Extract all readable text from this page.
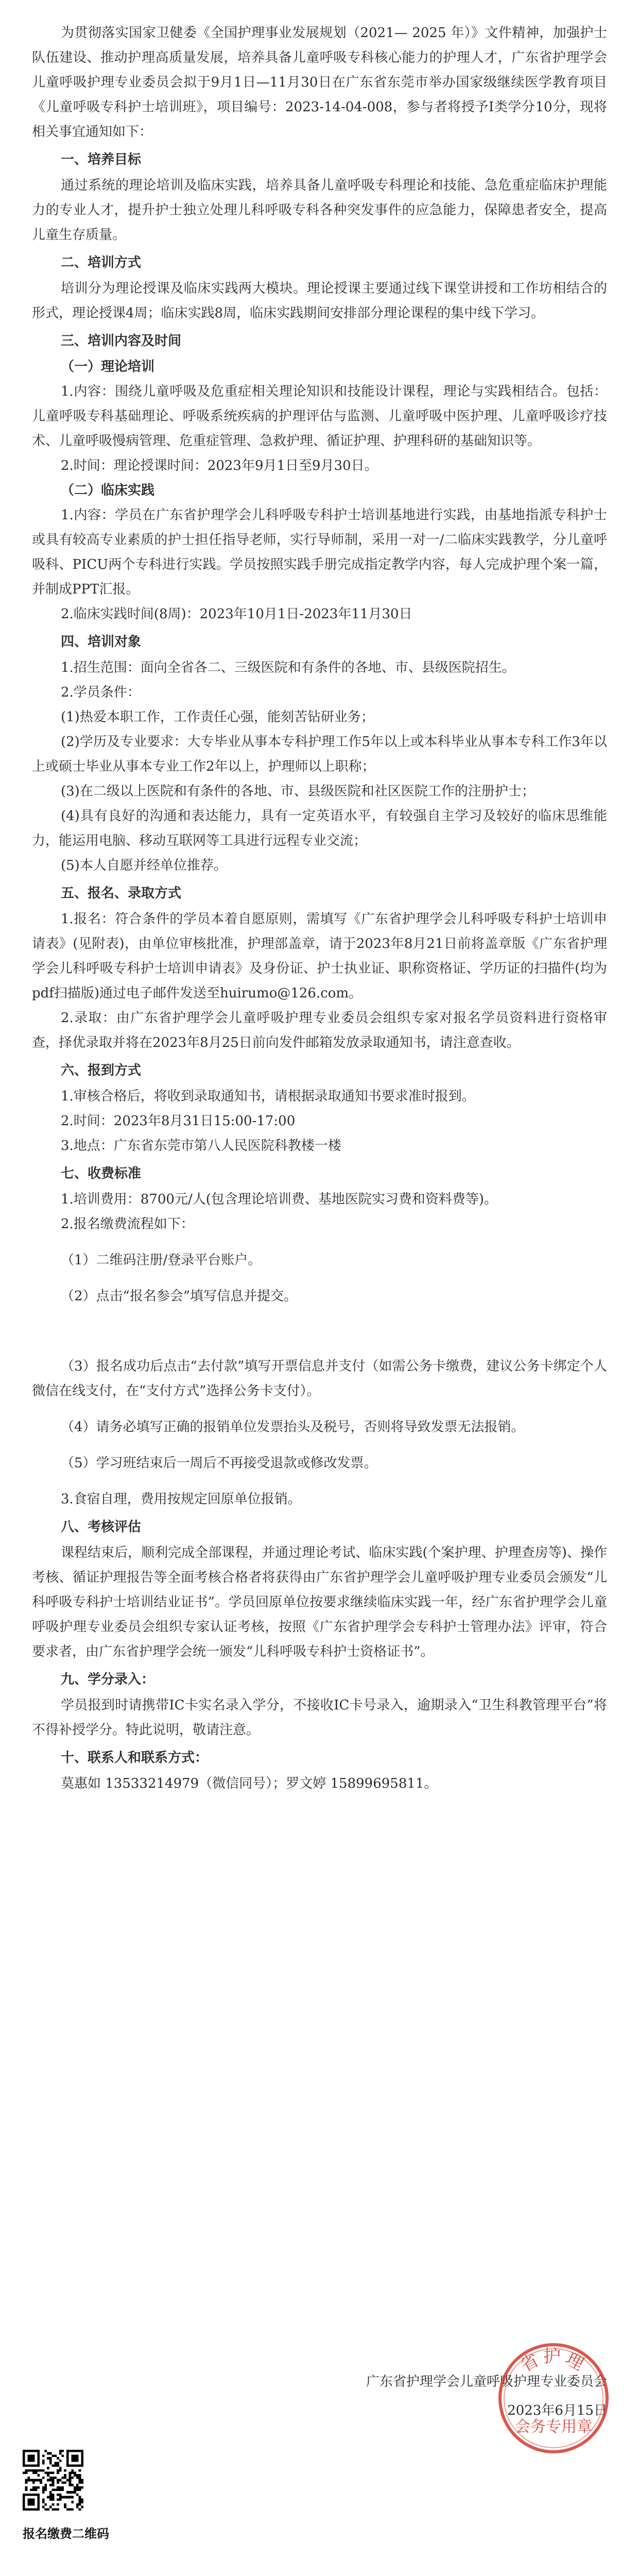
为贯彻落实国家卫健委《全国护理事业发展规划（2021— 2025 年）》文件精神，加强护士队伍建设、推动护理高质量发展，培养具备儿童呼吸专科核心能力的护理人才，广东省护理学会儿童呼吸护理专业委员会拟于9月1日—11月30日在广东省东莞市举办国家级继续医学教育项目《儿童呼吸专科护士培训班》，项目编号：2023-14-04-008，参与者将授予Ⅰ类学分10分，现将相关事宜通知如下：

一、培养目标

通过系统的理论培训及临床实践，培养具备儿童呼吸专科理论和技能、急危重症临床护理能力的专业人才，提升护士独立处理儿科呼吸专科各种突发事件的应急能力，保障患者安全，提高儿童生存质量。

二、培训方式

培训分为理论授课及临床实践两大模块。理论授课主要通过线下课堂讲授和工作坊相结合的形式，理论授课4周；临床实践8周，临床实践期间安排部分理论课程的集中线下学习。

三、培训内容及时间

（一）理论培训

1.内容：围绕儿童呼吸及危重症相关理论知识和技能设计课程，理论与实践相结合。包括：儿童呼吸专科基础理论、呼吸系统疾病的护理评估与监测、儿童呼吸中医护理、儿童呼吸诊疗技术、儿童呼吸慢病管理、危重症管理、急救护理、循证护理、护理科研的基础知识等。

2.时间：理论授课时间：2023年9月1日至9月30日。

（二）临床实践

1.内容：学员在广东省护理学会儿科呼吸专科护士培训基地进行实践，由基地指派专科护士或具有较高专业素质的护士担任指导老师，实行导师制，采用一对一/二临床实践教学，分儿童呼吸科、PICU两个专科进行实践。学员按照实践手册完成指定教学内容，每人完成护理个案一篇，并制成PPT汇报。

2.临床实践时间(8周)：2023年10月1日-2023年11月30日

四、培训对象

1.招生范围：面向全省各二、三级医院和有条件的各地、市、县级医院招生。

2.学员条件：

(1)热爱本职工作，工作责任心强，能刻苦钻研业务；

(2)学历及专业要求：大专毕业从事本专科护理工作5年以上或本科毕业从事本专科工作3年以上或硕士毕业从事本专业工作2年以上，护理师以上职称；

(3)在二级以上医院和有条件的各地、市、县级医院和社区医院工作的注册护士；

(4)具有良好的沟通和表达能力，具有一定英语水平，有较强自主学习及较好的临床思维能力，能运用电脑、移动互联网等工具进行远程专业交流；

(5)本人自愿并经单位推荐。

五、报名、录取方式

1.报名：符合条件的学员本着自愿原则，需填写《广东省护理学会儿科呼吸专科护士培训申请表》(见附表)，由单位审核批准，护理部盖章，请于2023年8月21日前将盖章版《广东省护理学会儿科呼吸专科护士培训申请表》及身份证、护士执业证、职称资格证、学历证的扫描件(均为pdf扫描版)通过电子邮件发送至huirumo@126.com。

2.录取：由广东省护理学会儿童呼吸护理专业委员会组织专家对报名学员资料进行资格审查，择优录取并将在2023年8月25日前向发件邮箱发放录取通知书，请注意查收。

六、报到方式

1.审核合格后，将收到录取通知书，请根据录取通知书要求准时报到。

2.时间：2023年8月31日15:00-17:00

3.地点：广东省东莞市第八人民医院科教楼一楼

七、收费标准

1.培训费用：8700元/人(包含理论培训费、基地医院实习费和资料费等)。

2.报名缴费流程如下：

（1）二维码注册/登录平台账户。

（2）点击“报名参会”填写信息并提交。

（3）报名成功后点击“去付款”填写开票信息并支付（如需公务卡缴费，建议公务卡绑定个人微信在线支付，在“支付方式”选择公务卡支付）。

（4）请务必填写正确的报销单位发票抬头及税号，否则将导致发票无法报销。

（5）学习班结束后一周后不再接受退款或修改发票。

3.食宿自理，费用按规定回原单位报销。

八、考核评估

课程结束后，顺利完成全部课程，并通过理论考试、临床实践(个案护理、护理查房等)、操作考核、循证护理报告等全面考核合格者将获得由广东省护理学会儿童呼吸护理专业委员会颁发“儿科呼吸专科护士培训结业证书”。学员回原单位按要求继续临床实践一年，经广东省护理学会儿童呼吸护理专业委员会组织专家认证考核，按照《广东省护理学会专科护士管理办法》评审，符合要求者，由广东省护理学会统一颁发“儿科呼吸专科护士资格证书”。

九、学分录入：

学员报到时请携带IC卡实名录入学分，不接收IC卡号录入，逾期录入“卫生科教管理平台”将不得补授学分。特此说明，敬请注意。

十、联系人和联系方式：

莫惠如 13533214979（微信同号）；罗文婷 15899695811。

广东省护理学会儿童呼吸护理专业委员会

2023年6月15日

省护理
会务专用章
报名缴费二维码
